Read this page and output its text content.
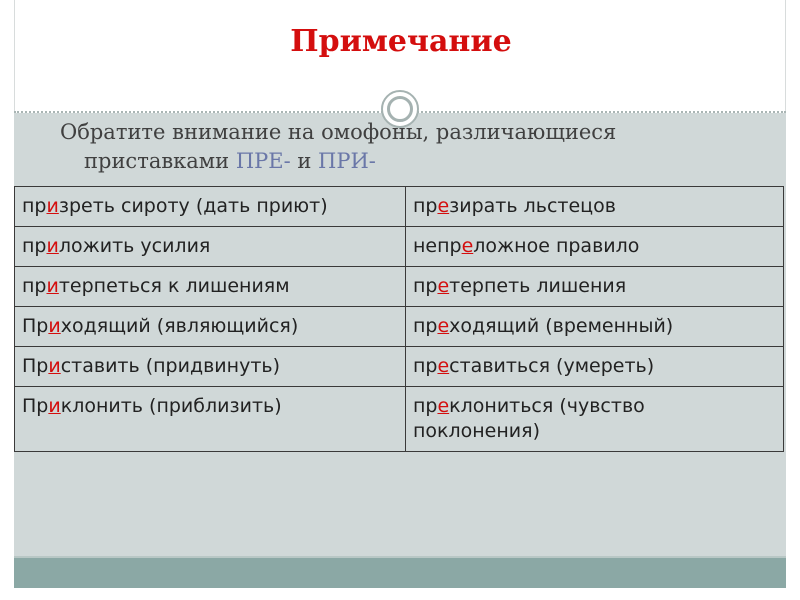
Примечание

Обратите внимание на омофоны, различающиеся
приставками ПРЕ- и ПРИ-

призреть сироту (дать приют)	презирать льстецов
приложить усилия	непреложное правило
притерпеться к лишениям	претерпеть лишения
Приходящий (являющийся)	преходящий (временный)
Приставить (придвинуть)	преставиться (умереть)
Приклонить (приблизить)	преклониться (чувство поклонения)
